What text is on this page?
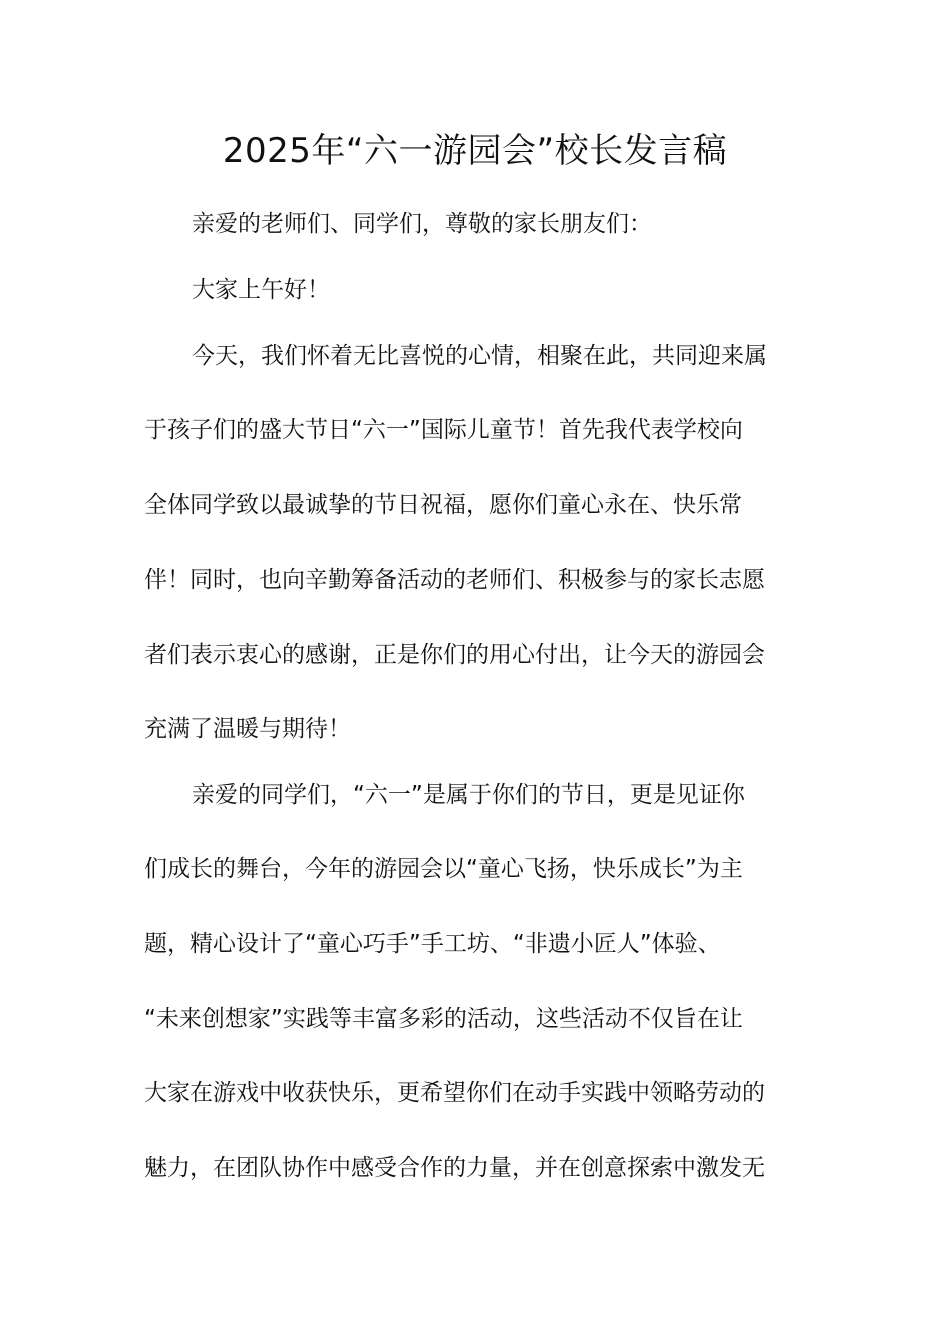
2025年“六一游园会”校长发言稿

亲爱的老师们、同学们，尊敬的家长朋友们：

大家上午好！

今天，我们怀着无比喜悦的心情，相聚在此，共同迎来属

于孩子们的盛大节日“六一”国际儿童节！首先我代表学校向

全体同学致以最诚挚的节日祝福，愿你们童心永在、快乐常

伴！同时，也向辛勤筹备活动的老师们、积极参与的家长志愿

者们表示衷心的感谢，正是你们的用心付出，让今天的游园会

充满了温暖与期待！

亲爱的同学们，“六一”是属于你们的节日，更是见证你

们成长的舞台，今年的游园会以“童心飞扬，快乐成长”为主

题，精心设计了“童心巧手”手工坊、“非遗小匠人”体验、

“未来创想家”实践等丰富多彩的活动，这些活动不仅旨在让

大家在游戏中收获快乐，更希望你们在动手实践中领略劳动的

魅力，在团队协作中感受合作的力量，并在创意探索中激发无
